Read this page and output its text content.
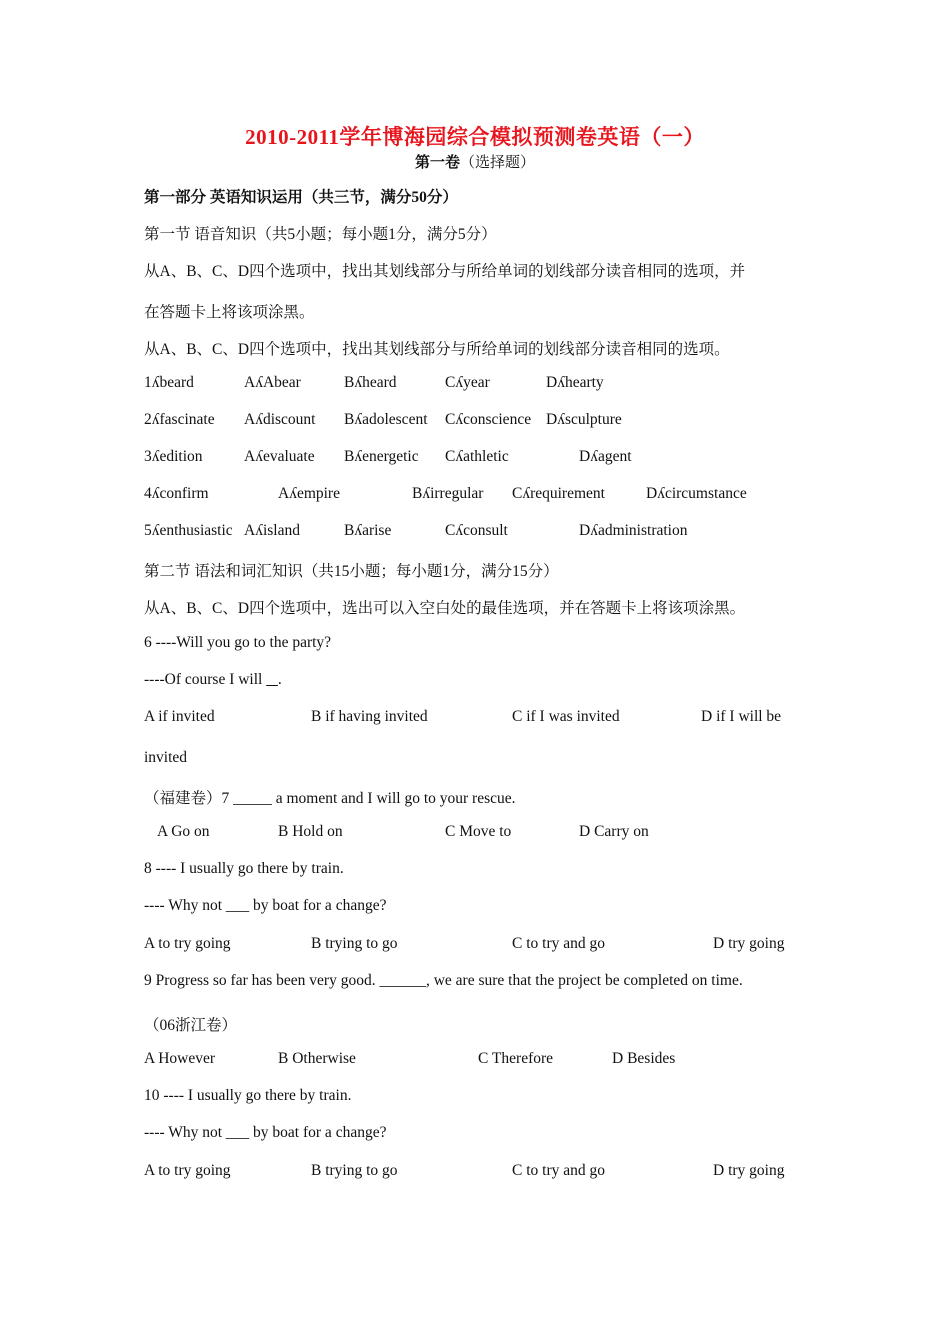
2010-2011学年博海园综合模拟预测卷英语（一）
第一卷（选择题）
第一部分 英语知识运用（共三节，满分50分）
第一节 语音知识（共5小题；每小题1分，满分5分）
从A、B、C、D四个选项中，找出其划线部分与所给单词的划线部分读音相同的选项，并
在答题卡上将该项涂黑。
从A、B、C、D四个选项中，找出其划线部分与所给单词的划线部分读音相同的选项。
1ʎbeard	AʎAbear	Bʎheard	Cʎyear	Dʎhearty
2ʎfascinate Aʎdiscount Bʎadolescent Cʎconscience Dʎsculpture
3ʎedition	Aʎevaluate Bʎenergetic Cʎathletic	Dʎagent
4ʎconfirm	Aʎempire	Bʎirregular Cʎrequirement	Dʎcircumstance
5ʎenthusiastic Aʎisland	Bʎarise	Cʎconsult	Dʎadministration
第二节 语法和词汇知识（共15小题；每小题1分，满分15分）
从A、B、C、D四个选项中，选出可以入空白处的最佳选项，并在答题卡上将该项涂黑。
6 ----Will you go to the party?
----Of course I will    .
A if invited	B if having invited	C if I was invited	D if I will be
invited
（福建卷）7 _____ a moment and I will go to your rescue.
A Go on	B Hold on	C Move to	D Carry on
8 ---- I usually go there by train.
---- Why not ___ by boat for a change?
A to try going	B trying to go	C to try and go	D try going
9 Progress so far has been very good. ______, we are sure that the project be completed on time.
（06浙江卷）
A However	B Otherwise	C Therefore	D Besides
10 ---- I usually go there by train.
---- Why not ___ by boat for a change?
A to try going	B trying to go	C to try and go	D try going
